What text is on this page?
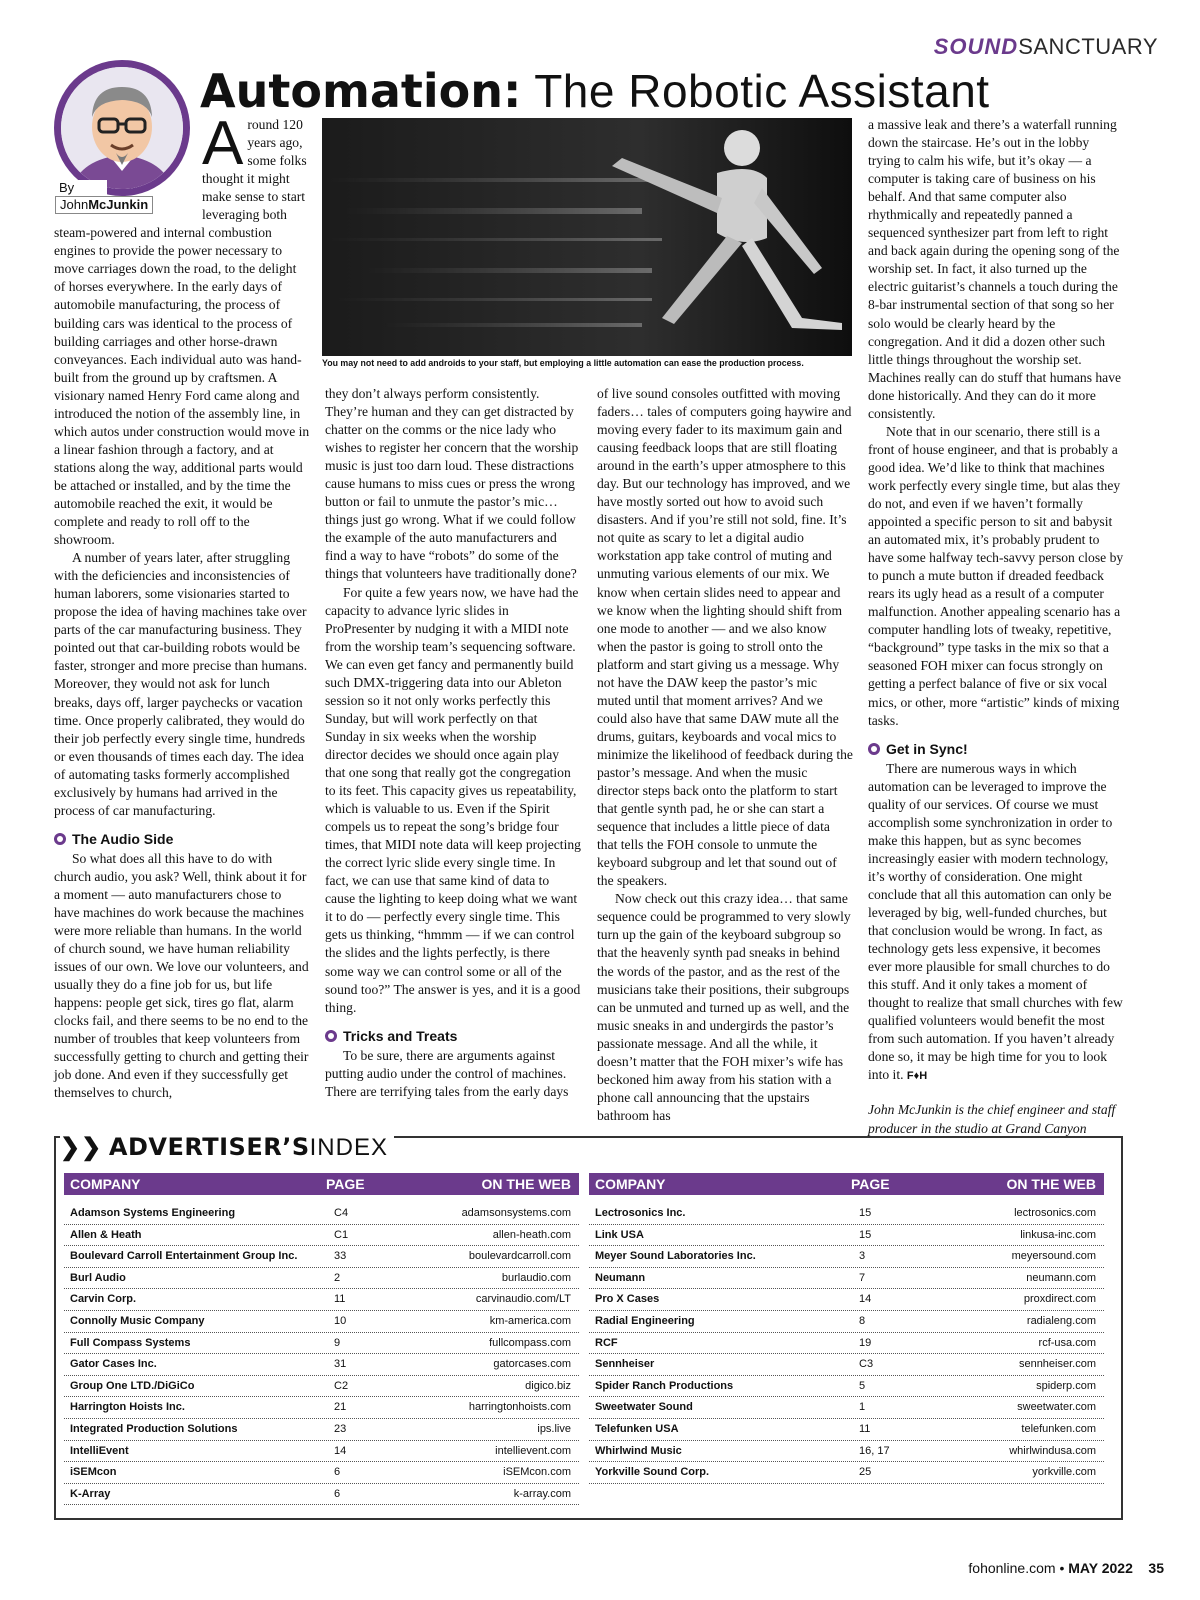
SOUNDSANCTUARY
Automation: The Robotic Assistant
By
JohnMcJunkin
You may not need to add androids to your staff, but employing a little automation can ease the production process.
A round 120 years ago, some folks thought it might make sense to start leveraging both steam-powered and internal combustion engines to provide the power necessary to move carriages down the road, to the delight of horses everywhere. In the early days of automobile manufacturing, the process of building cars was identical to the process of building carriages and other horse-drawn conveyances. Each individual auto was hand-built from the ground up by craftsmen. A visionary named Henry Ford came along and introduced the notion of the assembly line, in which autos under construction would move in a linear fashion through a factory, and at stations along the way, additional parts would be attached or installed, and by the time the automobile reached the exit, it would be complete and ready to roll off to the showroom.

A number of years later, after struggling with the deficiencies and inconsistencies of human laborers, some visionaries started to propose the idea of having machines take over parts of the car manufacturing business. They pointed out that car-building robots would be faster, stronger and more precise than humans. Moreover, they would not ask for lunch breaks, days off, larger paychecks or vacation time. Once properly calibrated, they would do their job perfectly every single time, hundreds or even thousands of times each day. The idea of automating tasks formerly accomplished exclusively by humans had arrived in the process of car manufacturing.

The Audio Side

So what does all this have to do with church audio, you ask? Well, think about it for a moment — auto manufacturers chose to have machines do work because the machines were more reliable than humans. In the world of church sound, we have human reliability issues of our own. We love our volunteers, and usually they do a fine job for us, but life happens: people get sick, tires go flat, alarm clocks fail, and there seems to be no end to the number of troubles that keep volunteers from successfully getting to church and getting their job done. And even if they successfully get themselves to church,

they don’t always perform consistently. They’re human and they can get distracted by chatter on the comms or the nice lady who wishes to register her concern that the worship music is just too darn loud. These distractions cause humans to miss cues or press the wrong button or fail to unmute the pastor’s mic… things just go wrong. What if we could follow the example of the auto manufacturers and find a way to have “robots” do some of the things that volunteers have traditionally done?

For quite a few years now, we have had the capacity to advance lyric slides in ProPresenter by nudging it with a MIDI note from the worship team’s sequencing software. We can even get fancy and permanently build such DMX-triggering data into our Ableton session so it not only works perfectly this Sunday, but will work perfectly on that Sunday in six weeks when the worship director decides we should once again play that one song that really got the congregation to its feet. This capacity gives us repeatability, which is valuable to us. Even if the Spirit compels us to repeat the song’s bridge four times, that MIDI note data will keep projecting the correct lyric slide every single time. In fact, we can use that same kind of data to cause the lighting to keep doing what we want it to do — perfectly every single time. This gets us thinking, “hmmm — if we can control the slides and the lights perfectly, is there some way we can control some or all of the sound too?” The answer is yes, and it is a good thing.

Tricks and Treats

To be sure, there are arguments against putting audio under the control of machines. There are terrifying tales from the early days

of live sound consoles outfitted with moving faders… tales of computers going haywire and moving every fader to its maximum gain and causing feedback loops that are still floating around in the earth’s upper atmosphere to this day. But our technology has improved, and we have mostly sorted out how to avoid such disasters. And if you’re still not sold, fine. It’s not quite as scary to let a digital audio workstation app take control of muting and unmuting various elements of our mix. We know when certain slides need to appear and we know when the lighting should shift from one mode to another — and we also know when the pastor is going to stroll onto the platform and start giving us a message. Why not have the DAW keep the pastor’s mic muted until that moment arrives? And we could also have that same DAW mute all the drums, guitars, keyboards and vocal mics to minimize the likelihood of feedback during the pastor’s message. And when the music director steps back onto the platform to start that gentle synth pad, he or she can start a sequence that includes a little piece of data that tells the FOH console to unmute the keyboard subgroup and let that sound out of the speakers.

Now check out this crazy idea… that same sequence could be programmed to very slowly turn up the gain of the keyboard subgroup so that the heavenly synth pad sneaks in behind the words of the pastor, and as the rest of the musicians take their positions, their subgroups can be unmuted and turned up as well, and the music sneaks in and undergirds the pastor’s passionate message. And all the while, it doesn’t matter that the FOH mixer’s wife has beckoned him away from his station with a phone call announcing that the upstairs bathroom has

a massive leak and there’s a waterfall running down the staircase. He’s out in the lobby trying to calm his wife, but it’s okay — a computer is taking care of business on his behalf. And that same computer also rhythmically and repeatedly panned a sequenced synthesizer part from left to right and back again during the opening song of the worship set. In fact, it also turned up the electric guitarist’s channels a touch during the 8-bar instrumental section of that song so her solo would be clearly heard by the congregation. And it did a dozen other such little things throughout the worship set. Machines really can do stuff that humans have done historically. And they can do it more consistently.

Note that in our scenario, there still is a front of house engineer, and that is probably a good idea. We’d like to think that machines work perfectly every single time, but alas they do not, and even if we haven’t formally appointed a specific person to sit and babysit an automated mix, it’s probably prudent to have some halfway tech-savvy person close by to punch a mute button if dreaded feedback rears its ugly head as a result of a computer malfunction. Another appealing scenario has a computer handling lots of tweaky, repetitive, “background” type tasks in the mix so that a seasoned FOH mixer can focus strongly on getting a perfect balance of five or six vocal mics, or other, more “artistic” kinds of mixing tasks.

Get in Sync!

There are numerous ways in which automation can be leveraged to improve the quality of our services. Of course we must accomplish some synchronization in order to make this happen, but as sync becomes increasingly easier with modern technology, it’s worthy of consideration. One might conclude that all this automation can only be leveraged by big, well-funded churches, but that conclusion would be wrong. In fact, as technology gets less expensive, it becomes ever more plausible for small churches to do this stuff. And it only takes a moment of thought to realize that small churches with few qualified volunteers would benefit the most from such automation. If you haven’t already done so, it may be high time for you to look into it. F♦H

John McJunkin is the chief engineer and staff producer in the studio at Grand Canyon

❯❯ ADVERTISER’SINDEX
COMPANY	PAGE	ON THE WEB
Adamson Systems Engineering	C4	adamsonsystems.com
Allen & Heath	C1	allen-heath.com
Boulevard Carroll Entertainment Group Inc.	33	boulevardcarroll.com
Burl Audio	2	burlaudio.com
Carvin Corp.	11	carvinaudio.com/LT
Connolly Music Company	10	km-america.com
Full Compass Systems	9	fullcompass.com
Gator Cases Inc.	31	gatorcases.com
Group One LTD./DiGiCo	C2	digico.biz
Harrington Hoists Inc.	21	harringtonhoists.com
Integrated Production Solutions	23	ips.live
IntelliEvent	14	intellievent.com
iSEMcon	6	iSEMcon.com
K-Array	6	k-array.com
COMPANY	PAGE	ON THE WEB
Lectrosonics Inc.	15	lectrosonics.com
Link USA	15	linkusa-inc.com
Meyer Sound Laboratories Inc.	3	meyersound.com
Neumann	7	neumann.com
Pro X Cases	14	proxdirect.com
Radial Engineering	8	radialeng.com
RCF	19	rcf-usa.com
Sennheiser	C3	sennheiser.com
Spider Ranch Productions	5	spiderp.com
Sweetwater Sound	1	sweetwater.com
Telefunken USA	11	telefunken.com
Whirlwind Music	16, 17	whirlwindusa.com
Yorkville Sound Corp.	25	yorkville.com
fohonline.com • MAY 2022 35
